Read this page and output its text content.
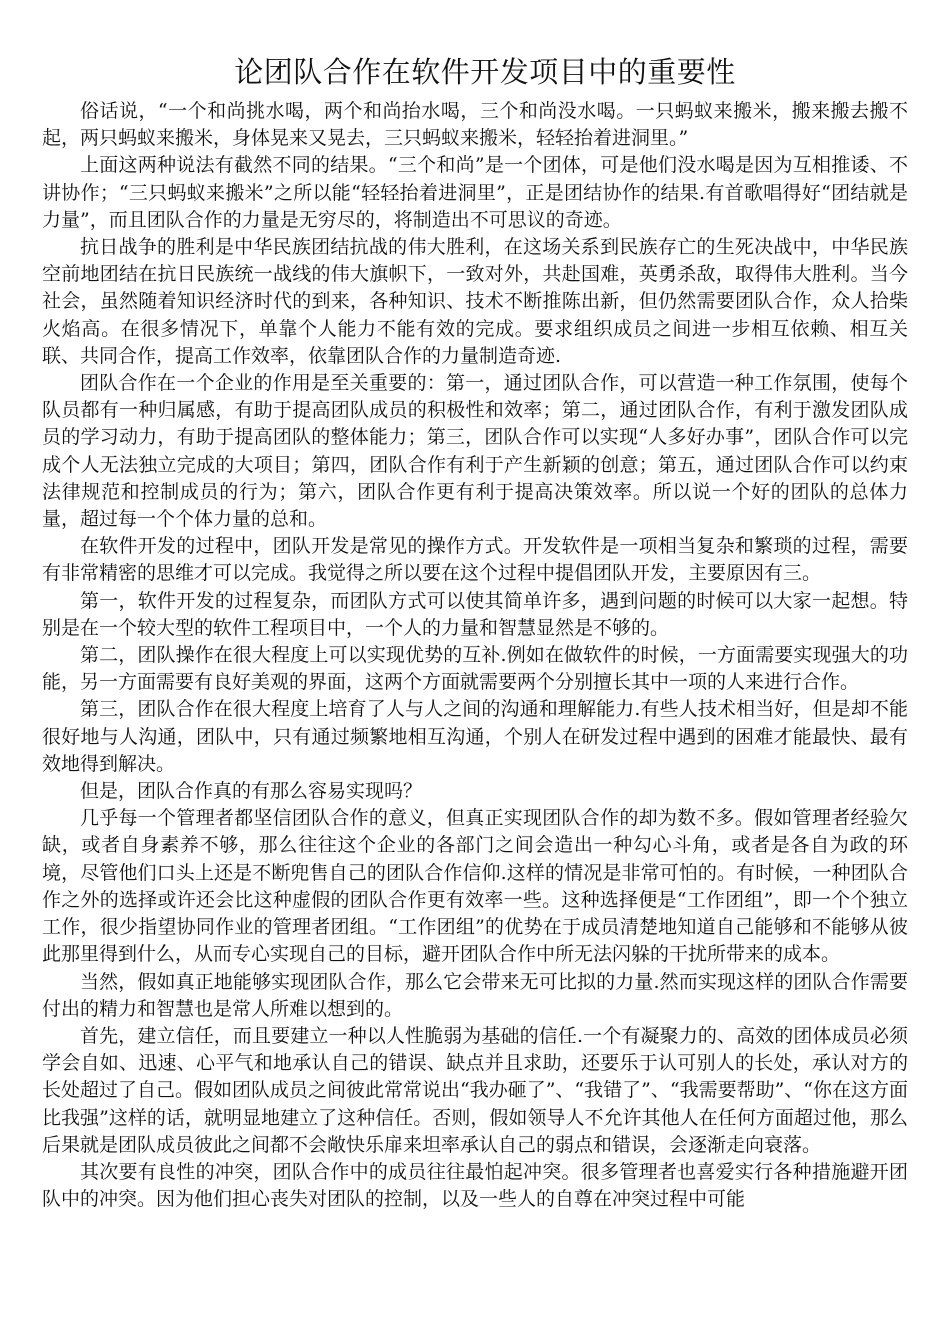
论团队合作在软件开发项目中的重要性

俗话说，“一个和尚挑水喝，两个和尚抬水喝，三个和尚没水喝。一只蚂蚁来搬米，搬来搬去搬不起，两只蚂蚁来搬米，身体晃来又晃去，三只蚂蚁来搬米，轻轻抬着进洞里。”

上面这两种说法有截然不同的结果。“三个和尚”是一个团体，可是他们没水喝是因为互相推诿、不讲协作；“三只蚂蚁来搬米”之所以能“轻轻抬着进洞里”，正是团结协作的结果.有首歌唱得好“团结就是力量”，而且团队合作的力量是无穷尽的，将制造出不可思议的奇迹。

抗日战争的胜利是中华民族团结抗战的伟大胜利，在这场关系到民族存亡的生死决战中，中华民族空前地团结在抗日民族统一战线的伟大旗帜下，一致对外，共赴国难，英勇杀敌，取得伟大胜利。当今社会，虽然随着知识经济时代的到来，各种知识、技术不断推陈出新，但仍然需要团队合作，众人拾柴火焰高。在很多情况下，单靠个人能力不能有效的完成。要求组织成员之间进一步相互依赖、相互关联、共同合作，提高工作效率，依靠团队合作的力量制造奇迹.

团队合作在一个企业的作用是至关重要的：第一，通过团队合作，可以营造一种工作氛围，使每个队员都有一种归属感，有助于提高团队成员的积极性和效率；第二，通过团队合作，有利于激发团队成员的学习动力，有助于提高团队的整体能力；第三，团队合作可以实现“人多好办事”，团队合作可以完成个人无法独立完成的大项目；第四，团队合作有利于产生新颖的创意；第五，通过团队合作可以约束法律规范和控制成员的行为；第六，团队合作更有利于提高决策效率。所以说一个好的团队的总体力量，超过每一个个体力量的总和。

在软件开发的过程中，团队开发是常见的操作方式。开发软件是一项相当复杂和繁琐的过程，需要有非常精密的思维才可以完成。我觉得之所以要在这个过程中提倡团队开发，主要原因有三。

第一，软件开发的过程复杂，而团队方式可以使其简单许多，遇到问题的时候可以大家一起想。特别是在一个较大型的软件工程项目中，一个人的力量和智慧显然是不够的。

第二，团队操作在很大程度上可以实现优势的互补.例如在做软件的时候，一方面需要实现强大的功能，另一方面需要有良好美观的界面，这两个方面就需要两个分别擅长其中一项的人来进行合作。

第三，团队合作在很大程度上培育了人与人之间的沟通和理解能力.有些人技术相当好，但是却不能很好地与人沟通，团队中，只有通过频繁地相互沟通，个别人在研发过程中遇到的困难才能最快、最有效地得到解决。

但是，团队合作真的有那么容易实现吗？

几乎每一个管理者都坚信团队合作的意义，但真正实现团队合作的却为数不多。假如管理者经验欠缺，或者自身素养不够，那么往往这个企业的各部门之间会造出一种勾心斗角，或者是各自为政的环境，尽管他们口头上还是不断兜售自己的团队合作信仰.这样的情况是非常可怕的。有时候，一种团队合作之外的选择或许还会比这种虚假的团队合作更有效率一些。这种选择便是“工作团组”，即一个个独立工作，很少指望协同作业的管理者团组。“工作团组”的优势在于成员清楚地知道自己能够和不能够从彼此那里得到什么，从而专心实现自己的目标，避开团队合作中所无法闪躲的干扰所带来的成本。

当然，假如真正地能够实现团队合作，那么它会带来无可比拟的力量.然而实现这样的团队合作需要付出的精力和智慧也是常人所难以想到的。

首先，建立信任，而且要建立一种以人性脆弱为基础的信任.一个有凝聚力的、高效的团体成员必须学会自如、迅速、心平气和地承认自己的错误、缺点并且求助，还要乐于认可别人的长处，承认对方的长处超过了自己。假如团队成员之间彼此常常说出“我办砸了”、“我错了”、“我需要帮助”、“你在这方面比我强”这样的话，就明显地建立了这种信任。否则，假如领导人不允许其他人在任何方面超过他，那么后果就是团队成员彼此之间都不会敞快乐扉来坦率承认自己的弱点和错误，会逐渐走向衰落。

其次要有良性的冲突，团队合作中的成员往往最怕起冲突。很多管理者也喜爱实行各种措施避开团队中的冲突。因为他们担心丧失对团队的控制，以及一些人的自尊在冲突过程中可能
